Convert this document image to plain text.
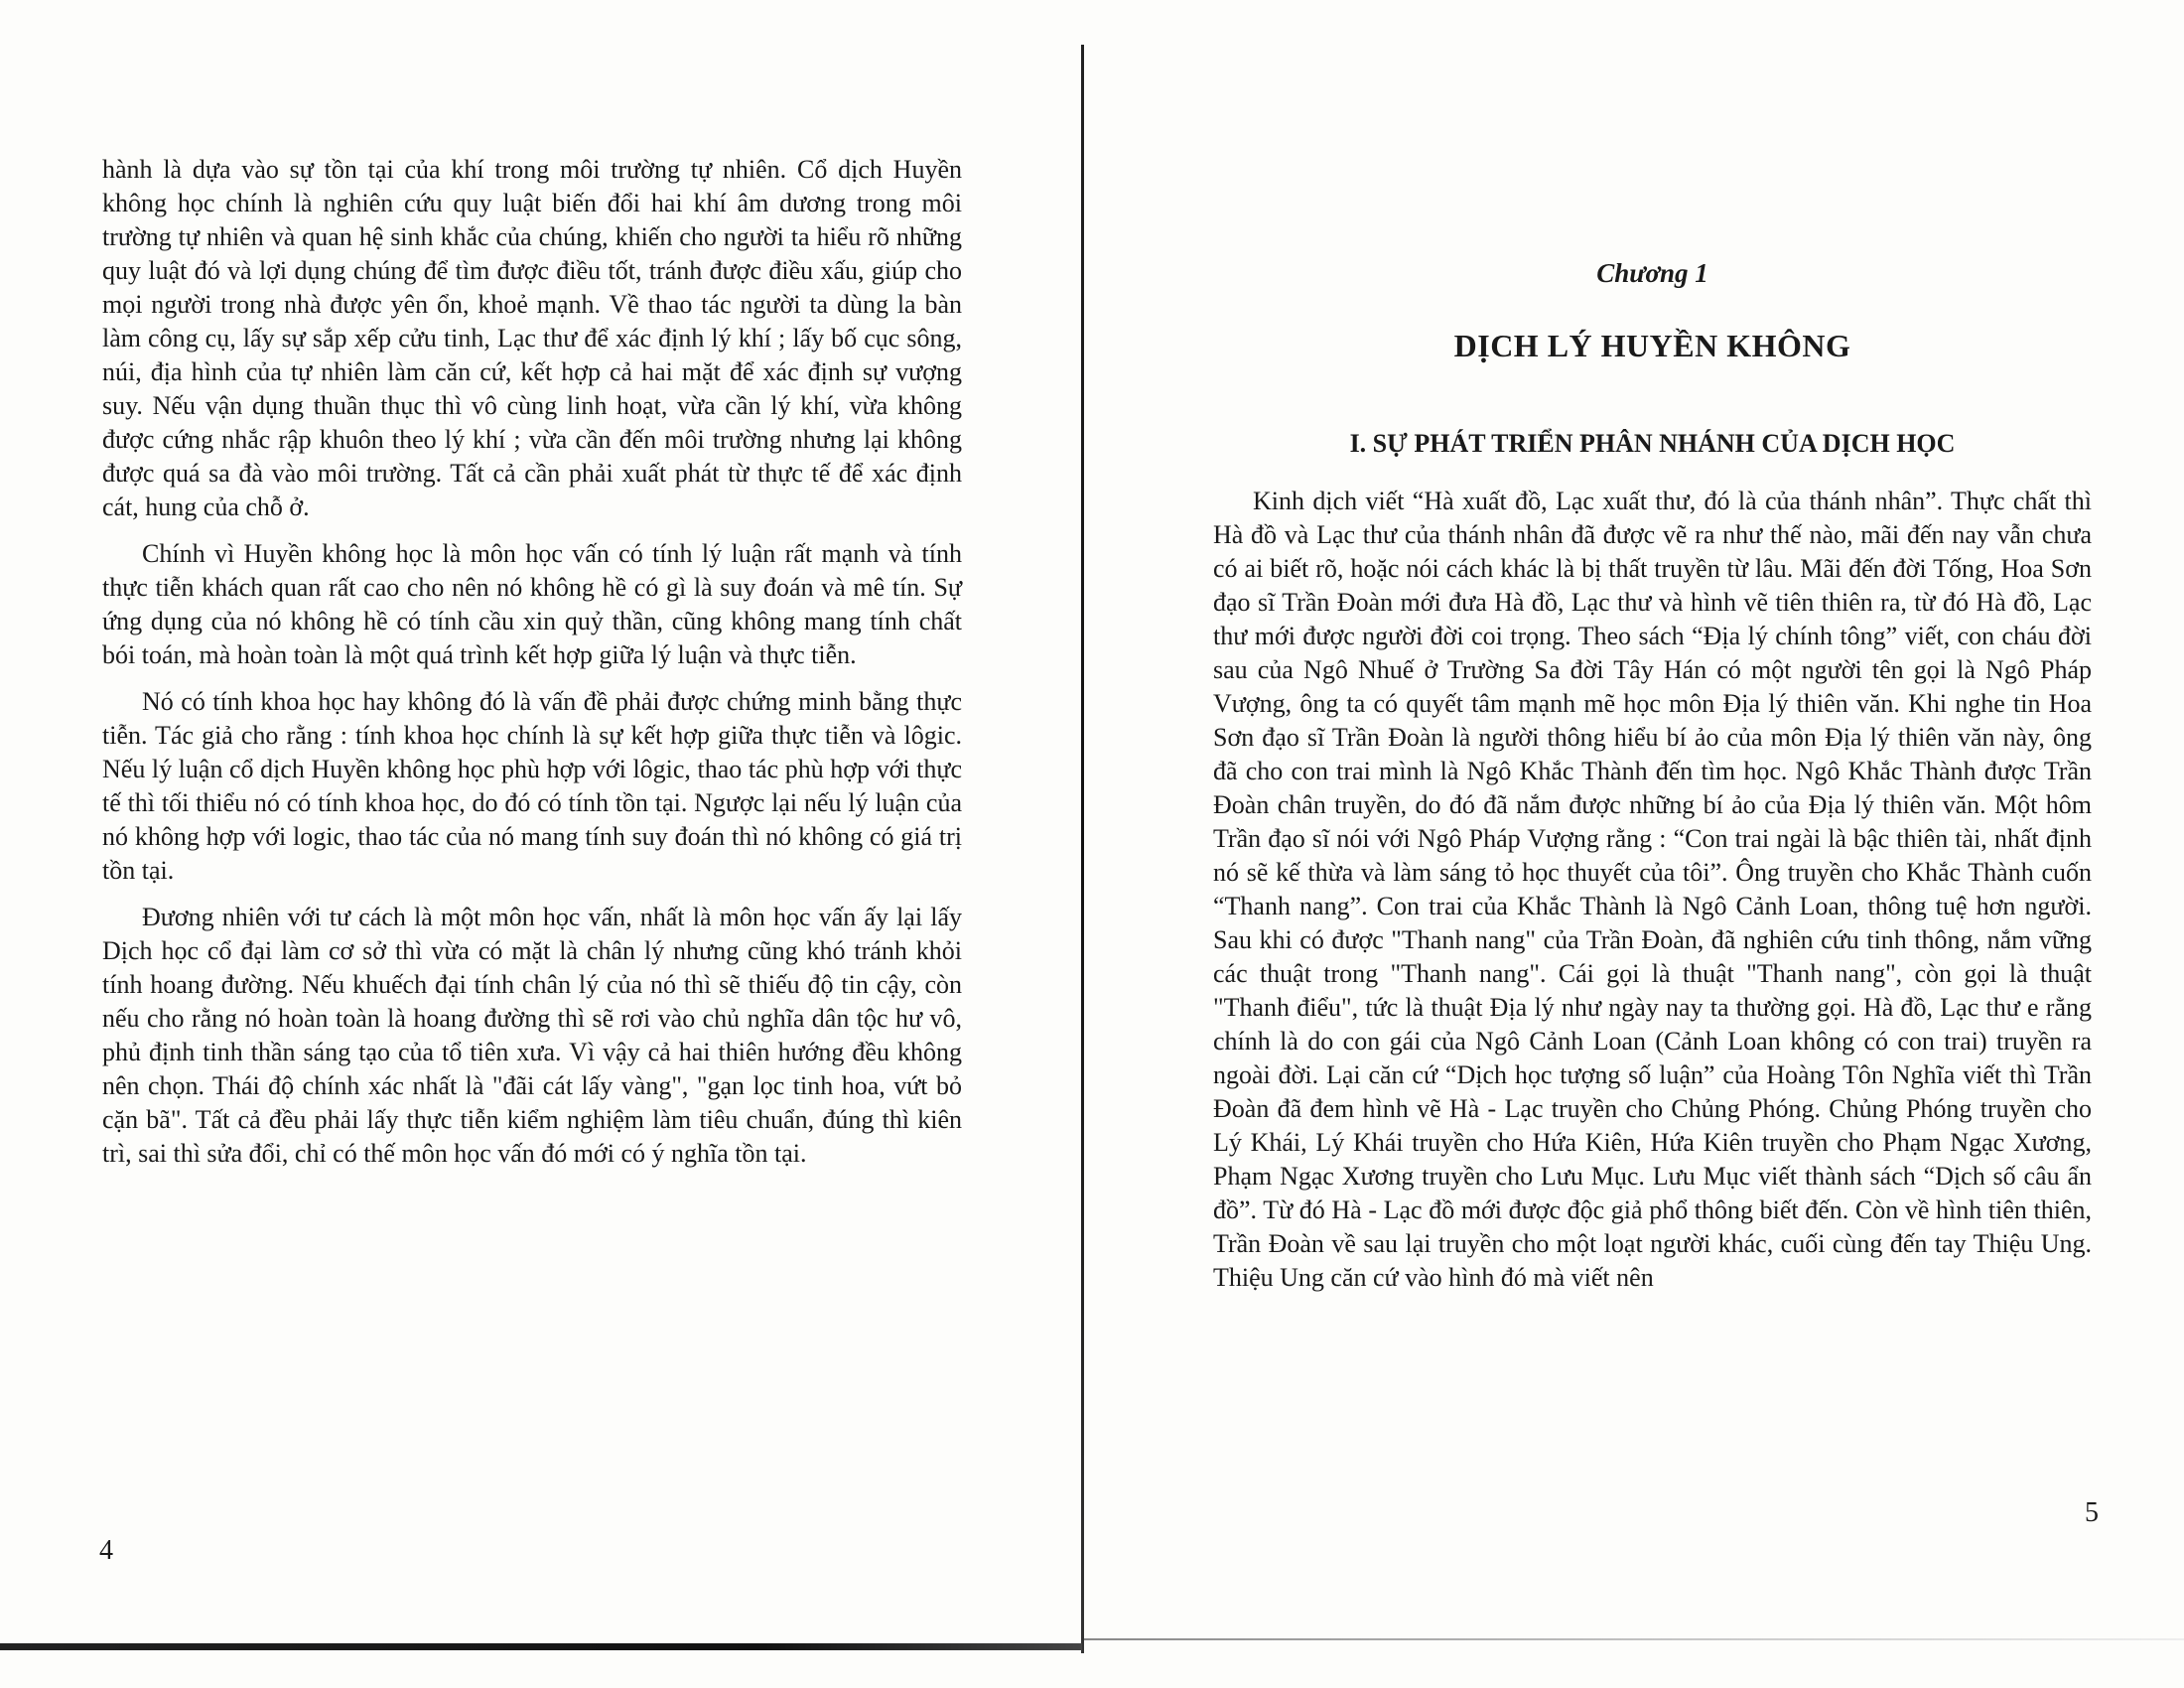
hành là dựa vào sự tồn tại của khí trong môi trường tự nhiên. Cổ dịch Huyền không học chính là nghiên cứu quy luật biến đổi hai khí âm dương trong môi trường tự nhiên và quan hệ sinh khắc của chúng, khiến cho người ta hiểu rõ những quy luật đó và lợi dụng chúng để tìm được điều tốt, tránh được điều xấu, giúp cho mọi người trong nhà được yên ổn, khoẻ mạnh. Về thao tác người ta dùng la bàn làm công cụ, lấy sự sắp xếp cửu tinh, Lạc thư để xác định lý khí ; lấy bố cục sông, núi, địa hình của tự nhiên làm căn cứ, kết hợp cả hai mặt để xác định sự vượng suy. Nếu vận dụng thuần thục thì vô cùng linh hoạt, vừa cần lý khí, vừa không được cứng nhắc rập khuôn theo lý khí ; vừa cần đến môi trường nhưng lại không được quá sa đà vào môi trường. Tất cả cần phải xuất phát từ thực tế để xác định cát, hung của chỗ ở.

Chính vì Huyền không học là môn học vấn có tính lý luận rất mạnh và tính thực tiễn khách quan rất cao cho nên nó không hề có gì là suy đoán và mê tín. Sự ứng dụng của nó không hề có tính cầu xin quỷ thần, cũng không mang tính chất bói toán, mà hoàn toàn là một quá trình kết hợp giữa lý luận và thực tiễn.

Nó có tính khoa học hay không đó là vấn đề phải được chứng minh bằng thực tiễn. Tác giả cho rằng : tính khoa học chính là sự kết hợp giữa thực tiễn và lôgic. Nếu lý luận cổ dịch Huyền không học phù hợp với lôgic, thao tác phù hợp với thực tế thì tối thiểu nó có tính khoa học, do đó có tính tồn tại. Ngược lại nếu lý luận của nó không hợp với logic, thao tác của nó mang tính suy đoán thì nó không có giá trị tồn tại.

Đương nhiên với tư cách là một môn học vấn, nhất là môn học vấn ấy lại lấy Dịch học cổ đại làm cơ sở thì vừa có mặt là chân lý nhưng cũng khó tránh khỏi tính hoang đường. Nếu khuếch đại tính chân lý của nó thì sẽ thiếu độ tin cậy, còn nếu cho rằng nó hoàn toàn là hoang đường thì sẽ rơi vào chủ nghĩa dân tộc hư vô, phủ định tinh thần sáng tạo của tổ tiên xưa. Vì vậy cả hai thiên hướng đều không nên chọn. Thái độ chính xác nhất là "đãi cát lấy vàng", "gạn lọc tinh hoa, vứt bỏ cặn bã". Tất cả đều phải lấy thực tiễn kiểm nghiệm làm tiêu chuẩn, đúng thì kiên trì, sai thì sửa đổi, chỉ có thế môn học vấn đó mới có ý nghĩa tồn tại.

4
Chương 1
DỊCH LÝ HUYỀN KHÔNG
I. SỰ PHÁT TRIỂN PHÂN NHÁNH CỦA DỊCH HỌC

Kinh dịch viết “Hà xuất đồ, Lạc xuất thư, đó là của thánh nhân”. Thực chất thì Hà đồ và Lạc thư của thánh nhân đã được vẽ ra như thế nào, mãi đến nay vẫn chưa có ai biết rõ, hoặc nói cách khác là bị thất truyền từ lâu. Mãi đến đời Tống, Hoa Sơn đạo sĩ Trần Đoàn mới đưa Hà đồ, Lạc thư và hình vẽ tiên thiên ra, từ đó Hà đồ, Lạc thư mới được người đời coi trọng. Theo sách “Địa lý chính tông” viết, con cháu đời sau của Ngô Nhuế ở Trường Sa đời Tây Hán có một người tên gọi là Ngô Pháp Vượng, ông ta có quyết tâm mạnh mẽ học môn Địa lý thiên văn. Khi nghe tin Hoa Sơn đạo sĩ Trần Đoàn là người thông hiểu bí ảo của môn Địa lý thiên văn này, ông đã cho con trai mình là Ngô Khắc Thành đến tìm học. Ngô Khắc Thành được Trần Đoàn chân truyền, do đó đã nắm được những bí ảo của Địa lý thiên văn. Một hôm Trần đạo sĩ nói với Ngô Pháp Vượng rằng : “Con trai ngài là bậc thiên tài, nhất định nó sẽ kế thừa và làm sáng tỏ học thuyết của tôi”. Ông truyền cho Khắc Thành cuốn “Thanh nang”. Con trai của Khắc Thành là Ngô Cảnh Loan, thông tuệ hơn người. Sau khi có được "Thanh nang" của Trần Đoàn, đã nghiên cứu tinh thông, nắm vững các thuật trong "Thanh nang". Cái gọi là thuật "Thanh nang", còn gọi là thuật "Thanh điểu", tức là thuật Địa lý như ngày nay ta thường gọi. Hà đồ, Lạc thư e rằng chính là do con gái của Ngô Cảnh Loan (Cảnh Loan không có con trai) truyền ra ngoài đời. Lại căn cứ “Dịch học tượng số luận” của Hoàng Tôn Nghĩa viết thì Trần Đoàn đã đem hình vẽ Hà - Lạc truyền cho Chủng Phóng. Chủng Phóng truyền cho Lý Khái, Lý Khái truyền cho Hứa Kiên, Hứa Kiên truyền cho Phạm Ngạc Xương, Phạm Ngạc Xương truyền cho Lưu Mục. Lưu Mục viết thành sách “Dịch số câu ẩn đồ”. Từ đó Hà - Lạc đồ mới được độc giả phổ thông biết đến. Còn về hình tiên thiên, Trần Đoàn về sau lại truyền cho một loạt người khác, cuối cùng đến tay Thiệu Ung. Thiệu Ung căn cứ vào hình đó mà viết nên

5
